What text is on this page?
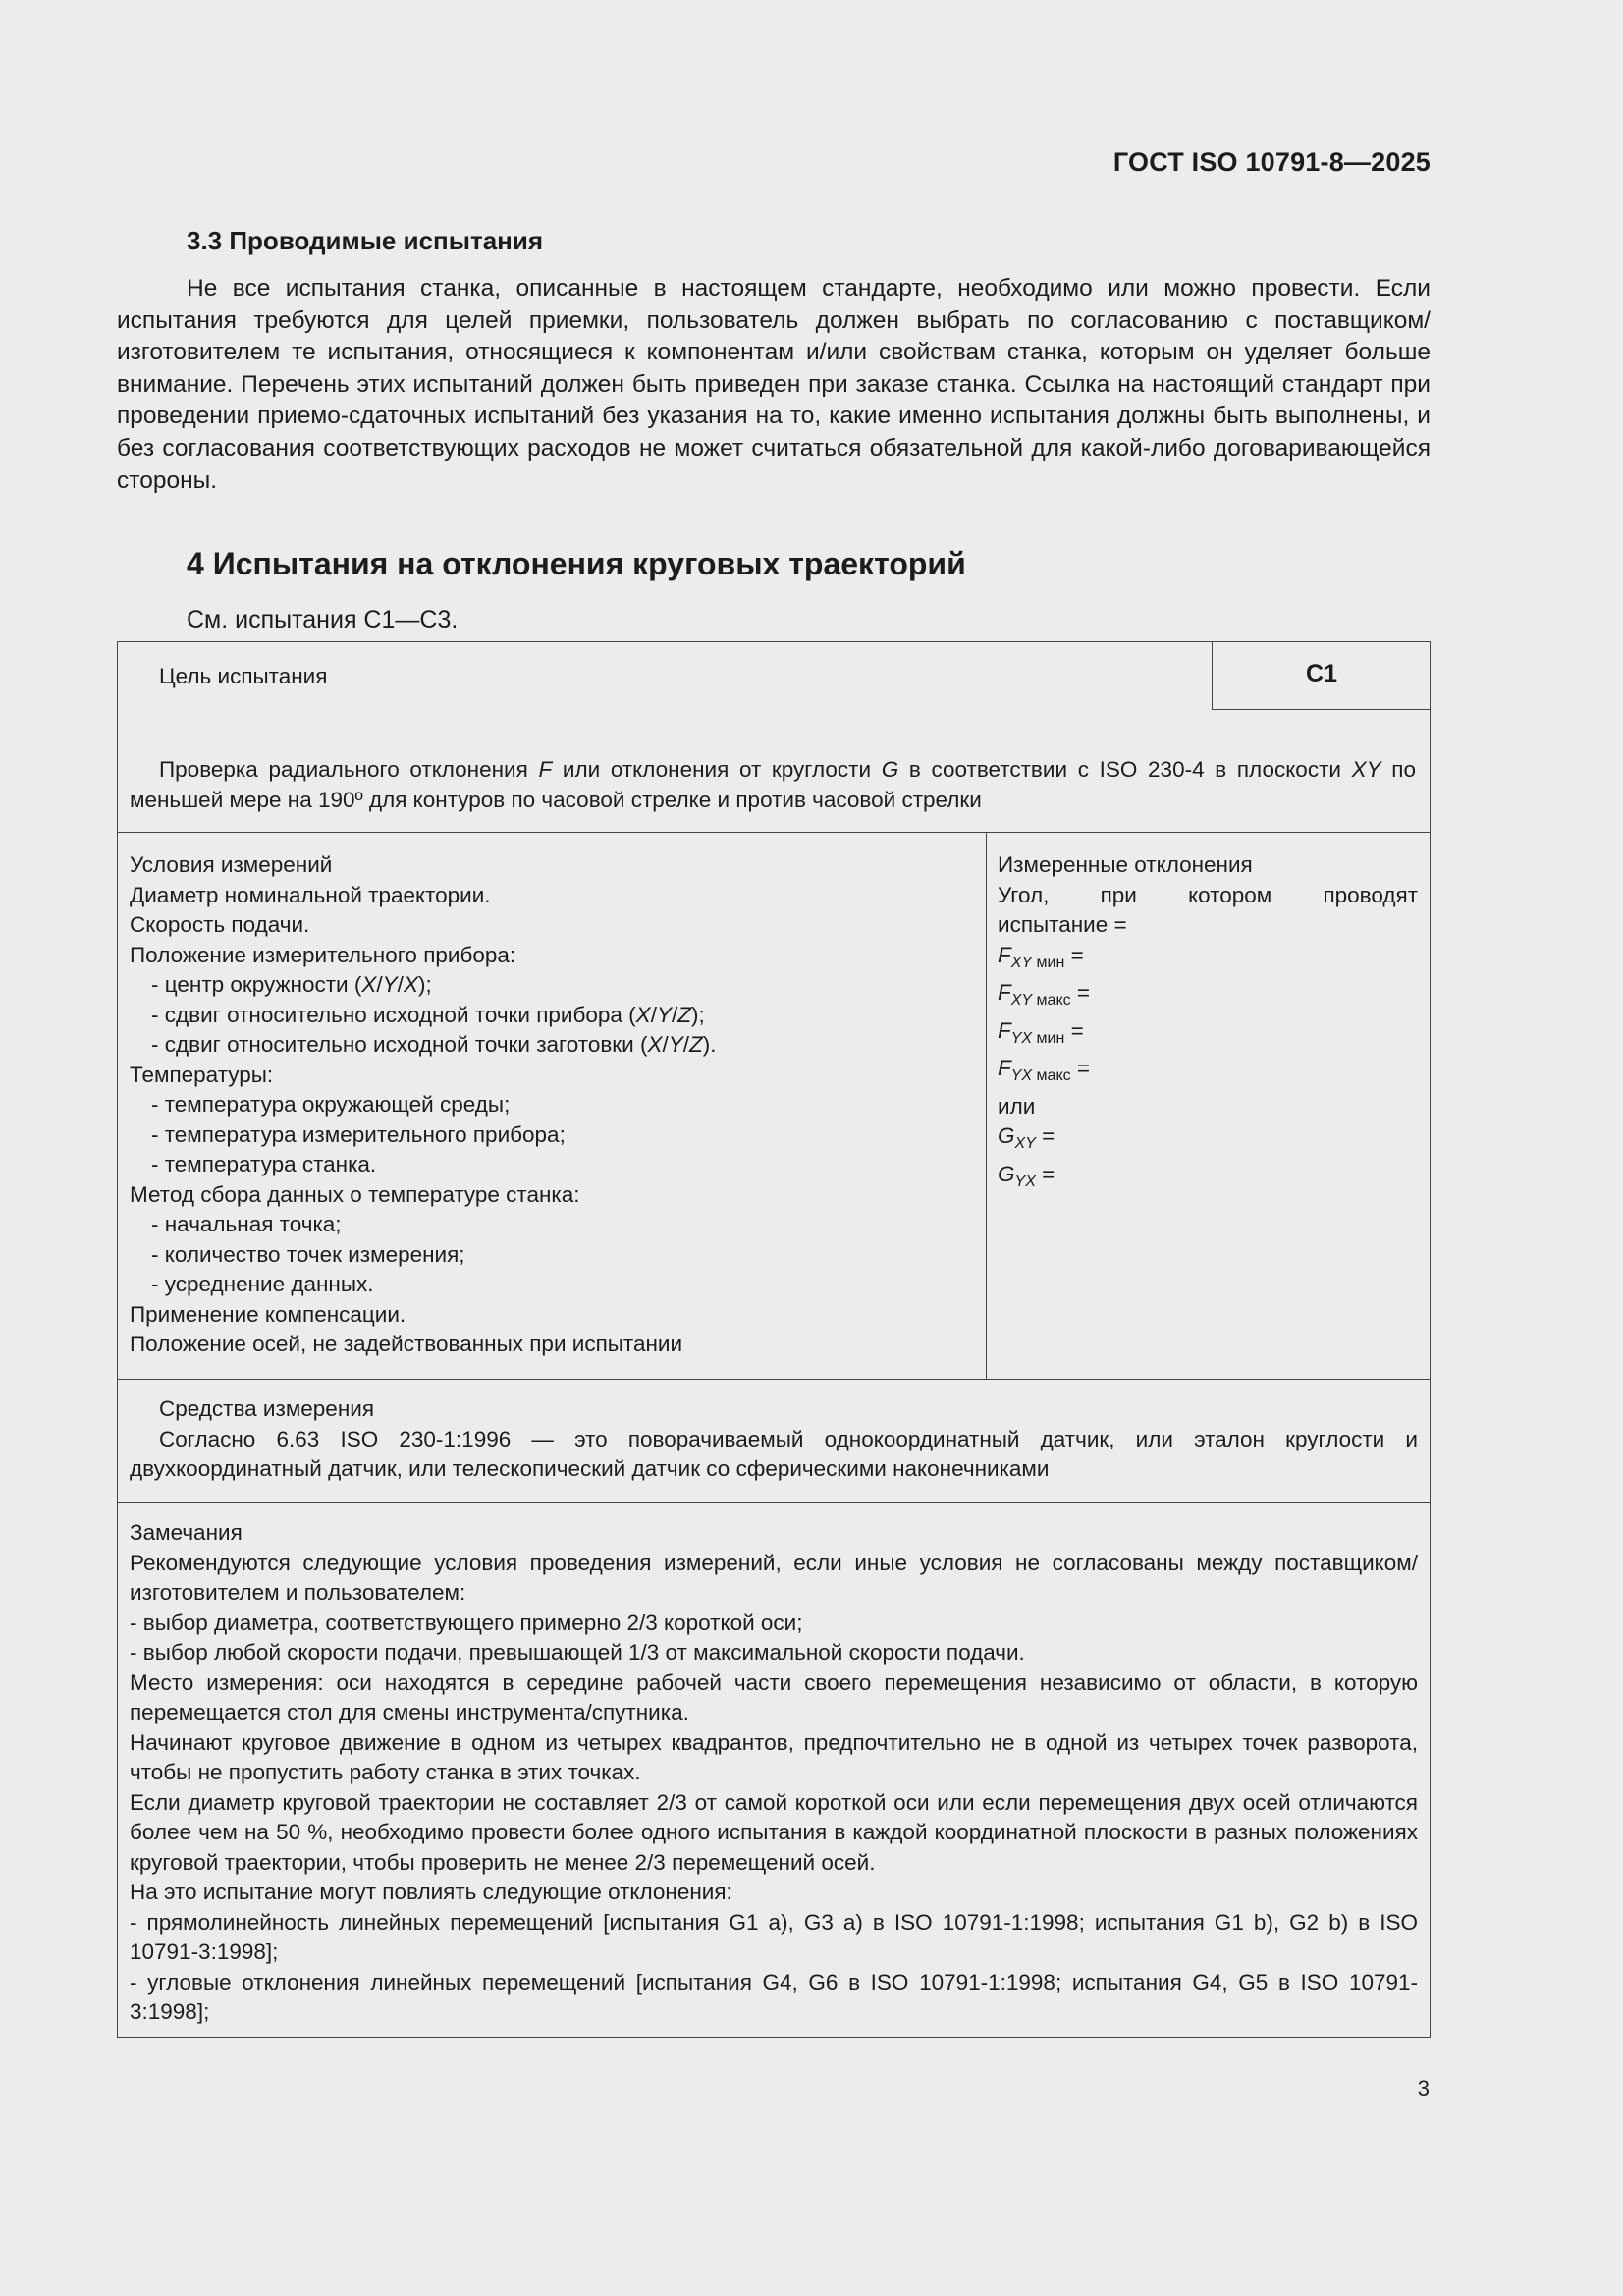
ГОСТ ISO 10791-8—2025
3.3 Проводимые испытания
Не все испытания станка, описанные в настоящем стандарте, необходимо или можно провести. Если испытания требуются для целей приемки, пользователь должен выбрать по согласованию с поставщиком/изготовителем те испытания, относящиеся к компонентам и/или свойствам станка, которым он уделяет больше внимание. Перечень этих испытаний должен быть приведен при заказе станка. Ссылка на настоящий стандарт при проведении приемо-сдаточных испытаний без указания на то, какие именно испытания должны быть выполнены, и без согласования соответствующих расходов не может считаться обязательной для какой-либо договаривающейся стороны.
4 Испытания на отклонения круговых траекторий
См. испытания С1—С3.
С1
Цель испытания
Проверка радиального отклонения F или отклонения от круглости G в соответствии с ISO 230-4 в плоскости XY по меньшей мере на 190º для контуров по часовой стрелке и против часовой стрелки
Условия измерений
Диаметр номинальной траектории.
Скорость подачи.
Положение измерительного прибора:
- центр окружности (X/Y/X);
- сдвиг относительно исходной точки прибора (X/Y/Z);
- сдвиг относительно исходной точки заготовки (X/Y/Z).
Температуры:
- температура окружающей среды;
- температура измерительного прибора;
- температура станка.
Метод сбора данных о температуре станка:
- начальная точка;
- количество точек измерения;
- усреднение данных.
Применение компенсации.
Положение осей, не задействованных при испытании
Измеренные отклонения
Угол, при котором проводят
испытание =
$F_{XY мин}$ =
$F_{XY макс}$ =
$F_{YX мин}$ =
$F_{YX макс}$ =
или
$G_{XY}$ =
$G_{YX}$ =
Средства измерения
Согласно 6.63 ISO 230-1:1996 — это поворачиваемый однокоординатный датчик, или эталон круглости и двухкоординатный датчик, или телескопический датчик со сферическими наконечниками
Замечания
Рекомендуются следующие условия проведения измерений, если иные условия не согласованы между поставщиком/изготовителем и пользователем:
- выбор диаметра, соответствующего примерно 2/3 короткой оси;
- выбор любой скорости подачи, превышающей 1/3 от максимальной скорости подачи.
Место измерения: оси находятся в середине рабочей части своего перемещения независимо от области, в которую перемещается стол для смены инструмента/спутника.
Начинают круговое движение в одном из четырех квадрантов, предпочтительно не в одной из четырех точек разворота, чтобы не пропустить работу станка в этих точках.
Если диаметр круговой траектории не составляет 2/3 от самой короткой оси или если перемещения двух осей отличаются более чем на 50 %, необходимо провести более одного испытания в каждой координатной плоскости в разных положениях круговой траектории, чтобы проверить не менее 2/3 перемещений осей.
На это испытание могут повлиять следующие отклонения:
- прямолинейность линейных перемещений [испытания G1 a), G3 a) в ISO 10791-1:1998; испытания G1 b), G2 b) в ISO 10791-3:1998];
- угловые отклонения линейных перемещений [испытания G4, G6 в ISO 10791-1:1998; испытания G4, G5 в ISO 10791-3:1998];
3
